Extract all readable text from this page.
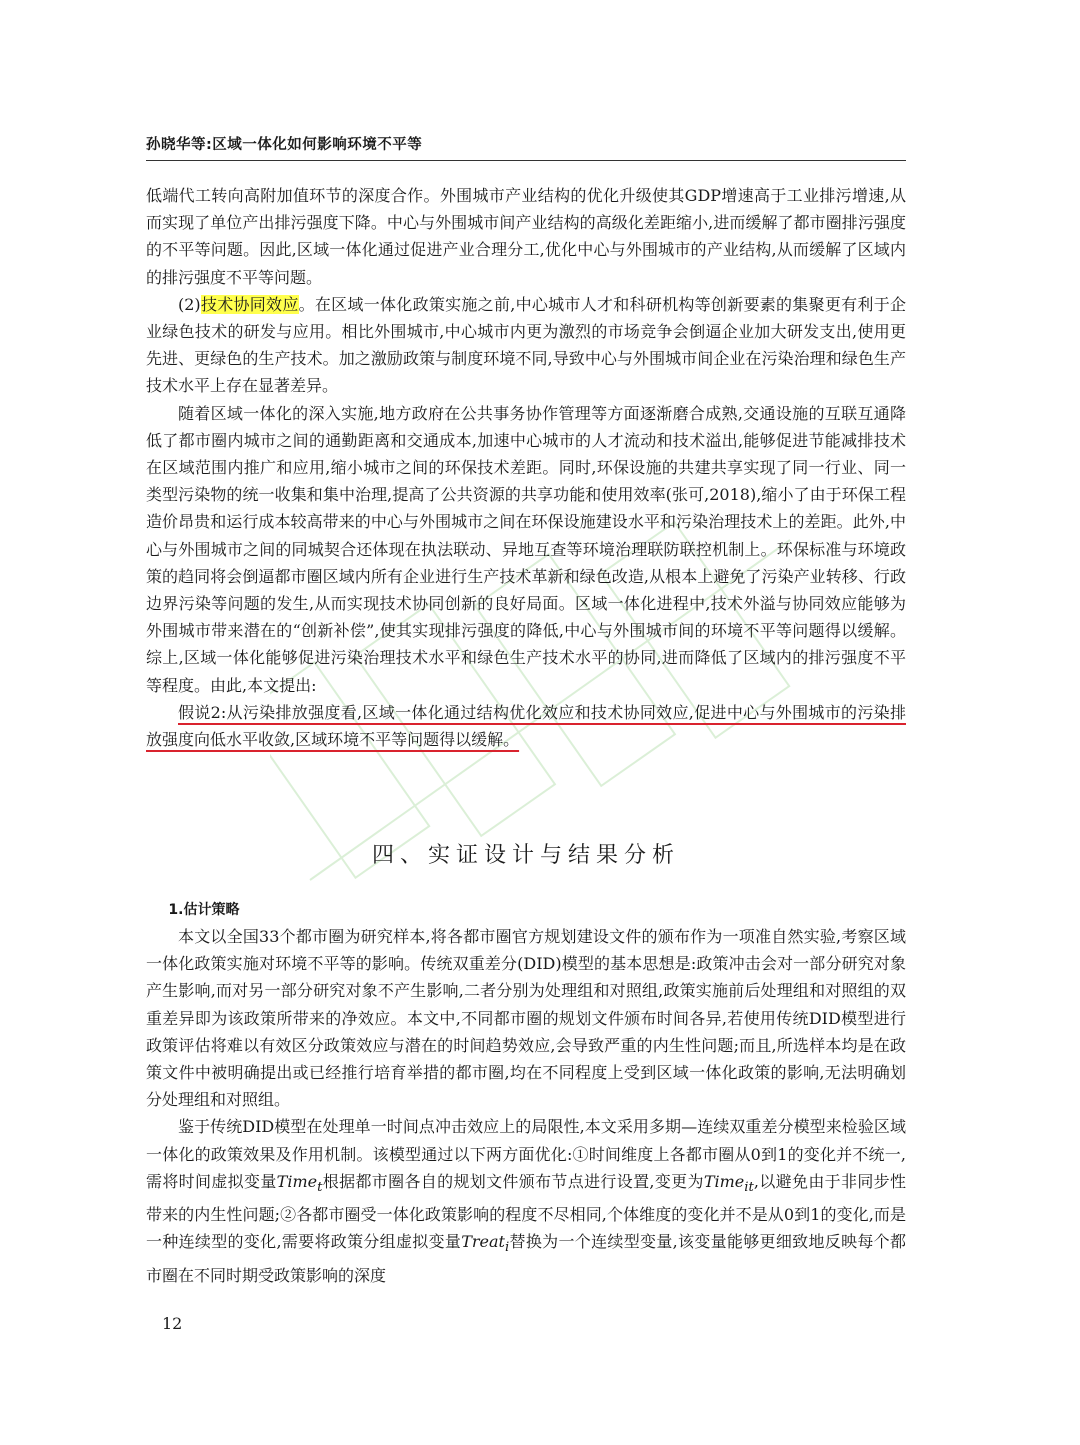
孙晓华等:区域一体化如何影响环境不平等

低端代工转向高附加值环节的深度合作。外围城市产业结构的优化升级使其GDP增速高于工业排污增速,从而实现了单位产出排污强度下降。中心与外围城市间产业结构的高级化差距缩小,进而缓解了都市圈排污强度的不平等问题。因此,区域一体化通过促进产业合理分工,优化中心与外围城市的产业结构,从而缓解了区域内的排污强度不平等问题。

(2)技术协同效应。在区域一体化政策实施之前,中心城市人才和科研机构等创新要素的集聚更有利于企业绿色技术的研发与应用。相比外围城市,中心城市内更为激烈的市场竞争会倒逼企业加大研发支出,使用更先进、更绿色的生产技术。加之激励政策与制度环境不同,导致中心与外围城市间企业在污染治理和绿色生产技术水平上存在显著差异。

随着区域一体化的深入实施,地方政府在公共事务协作管理等方面逐渐磨合成熟,交通设施的互联互通降低了都市圈内城市之间的通勤距离和交通成本,加速中心城市的人才流动和技术溢出,能够促进节能减排技术在区域范围内推广和应用,缩小城市之间的环保技术差距。同时,环保设施的共建共享实现了同一行业、同一类型污染物的统一收集和集中治理,提高了公共资源的共享功能和使用效率(张可,2018),缩小了由于环保工程造价昂贵和运行成本较高带来的中心与外围城市之间在环保设施建设水平和污染治理技术上的差距。此外,中心与外围城市之间的同城契合还体现在执法联动、异地互查等环境治理联防联控机制上。环保标准与环境政策的趋同将会倒逼都市圈区域内所有企业进行生产技术革新和绿色改造,从根本上避免了污染产业转移、行政边界污染等问题的发生,从而实现技术协同创新的良好局面。区域一体化进程中,技术外溢与协同效应能够为外围城市带来潜在的“创新补偿”,使其实现排污强度的降低,中心与外围城市间的环境不平等问题得以缓解。综上,区域一体化能够促进污染治理技术水平和绿色生产技术水平的协同,进而降低了区域内的排污强度不平等程度。由此,本文提出:

假说2:从污染排放强度看,区域一体化通过结构优化效应和技术协同效应,促进中心与外围城市的污染排放强度向低水平收敛,区域环境不平等问题得以缓解。

四、实证设计与结果分析
1.估计策略

本文以全国33个都市圈为研究样本,将各都市圈官方规划建设文件的颁布作为一项准自然实验,考察区域一体化政策实施对环境不平等的影响。传统双重差分(DID)模型的基本思想是:政策冲击会对一部分研究对象产生影响,而对另一部分研究对象不产生影响,二者分别为处理组和对照组,政策实施前后处理组和对照组的双重差异即为该政策所带来的净效应。本文中,不同都市圈的规划文件颁布时间各异,若使用传统DID模型进行政策评估将难以有效区分政策效应与潜在的时间趋势效应,会导致严重的内生性问题;而且,所选样本均是在政策文件中被明确提出或已经推行培育举措的都市圈,均在不同程度上受到区域一体化政策的影响,无法明确划分处理组和对照组。

鉴于传统DID模型在处理单一时间点冲击效应上的局限性,本文采用多期—连续双重差分模型来检验区域一体化的政策效果及作用机制。该模型通过以下两方面优化:①时间维度上各都市圈从0到1的变化并不统一,需将时间虚拟变量Time$_t$根据都市圈各自的规划文件颁布节点进行设置,变更为Time$_{it}$,以避免由于非同步性带来的内生性问题;②各都市圈受一体化政策影响的程度不尽相同,个体维度的变化并不是从0到1的变化,而是一种连续型的变化,需要将政策分组虚拟变量Treat$_i$替换为一个连续型变量,该变量能够更细致地反映每个都市圈在不同时期受政策影响的深度

12
